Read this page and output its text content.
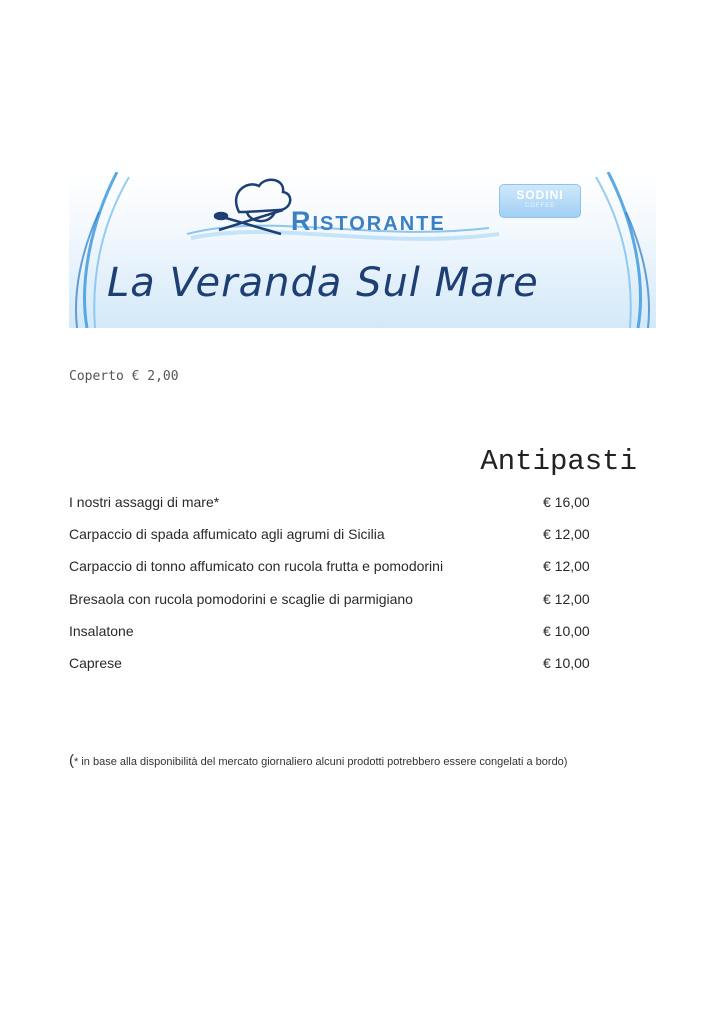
RISTORANTE
La Veranda Sul Mare
SODINI
COFFEE
Coperto € 2,00
Antipasti
I nostri assaggi di mare*	€ 16,00
Carpaccio di spada affumicato agli agrumi di Sicilia	€ 12,00
Carpaccio di tonno affumicato con rucola frutta e pomodorini	€ 12,00
Bresaola con rucola pomodorini e scaglie di parmigiano	€ 12,00
Insalatone	€ 10,00
Caprese	€ 10,00
(* in base alla disponibilità del mercato giornaliero alcuni prodotti potrebbero essere congelati a bordo)
